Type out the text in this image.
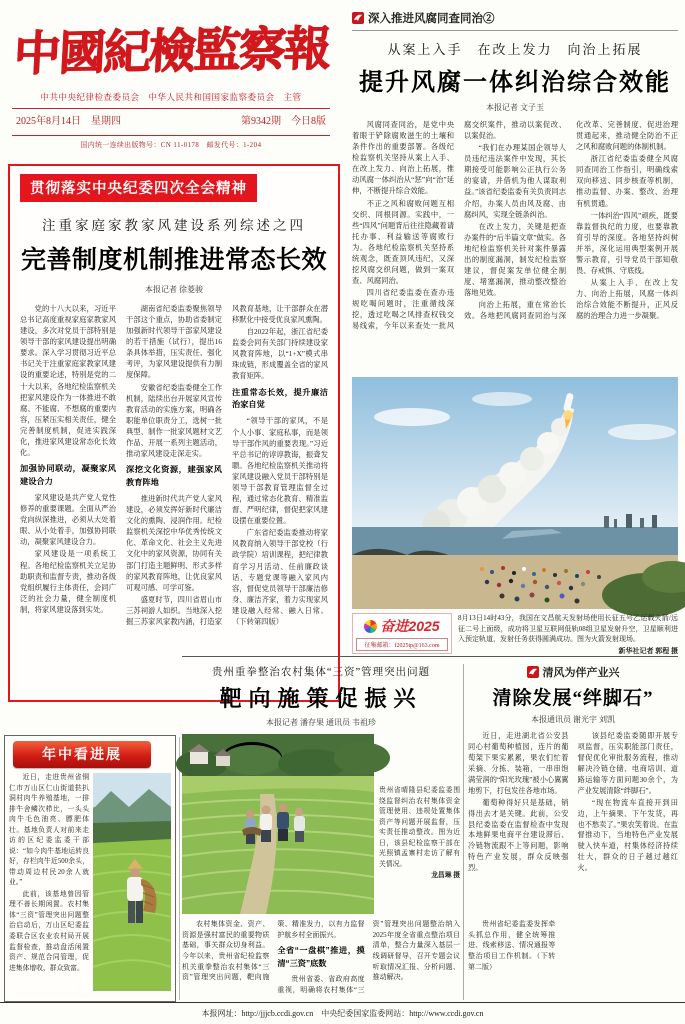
中國紀檢監察報
中共中央纪律检查委员会　中华人民共和国国家监察委员会　主管
2025年8月14日　星期四	第9342期　今日8版
国内统一连续出版物号：CN 11-0178　邮发代号：1-204
深入推进风腐同查同治②
从案上入手　在改上发力　向治上拓展
提升风腐一体纠治综合效能
本报记者 文子玉

风腐同查同治，是党中央着眼于铲除腐败滋生的土壤和条件作出的重要部署。各级纪检监察机关坚持从案上入手、在改上发力、向治上拓展，推动风腐一体纠治从“惩”向“治”延伸，不断提升综合效能。

不正之风和腐败问题互相交织、同根同源。实践中，一些“四风”问题背后往往隐藏着请托办事、利益输送等腐败行为。各地纪检监察机关坚持系统观念，既查顶风违纪，又深挖风腐交织问题，做到一案双查、风腐同治。

四川省纪委监委在查办违规吃喝问题时，注重循线深挖，透过吃喝之风排查权钱交易线索，今年以来查处一批风腐交织案件，推动以案促改、以案促治。

“我们在办理某国企领导人员违纪违法案件中发现，其长期接受可能影响公正执行公务的宴请，并借机为他人谋取利益。”该省纪委监委有关负责同志介绍，办案人员由风及腐、由腐纠风，实现全链条纠治。

在改上发力，关键是把查办案件的“后半篇文章”做实。各地纪检监察机关针对案件暴露出的制度漏洞，制发纪检监察建议，督促案发单位健全制度、堵塞漏洞，推动整改整治落地见效。

向治上拓展，重在常治长效。各地把风腐同查同治与深化改革、完善制度、促进治理贯通起来，推动健全防治不正之风和腐败问题的体制机制。

浙江省纪委监委健全风腐同查同治工作指引，明确线索双向移送、同步核查等机制，推动监督、办案、整改、治理有机贯通。

一体纠治“四风”顽疾，既要靠监督执纪的力度，也要靠教育引导的深度。各地坚持纠树并举，深化运用典型案例开展警示教育，引导党员干部知敬畏、存戒惧、守底线。

从案上入手、在改上发力、向治上拓展，风腐一体纠治综合效能不断提升，正风反腐的治理合力进一步凝聚。

奋进2025
征集邮箱：f2025tp@163.com
8月13日14时43分，我国在文昌航天发射场使用长征五号乙运载火箭/远征二号上面级，成功将卫星互联网低轨08组卫星发射升空，卫星顺利进入预定轨道，发射任务获得圆满成功。图为火箭发射现场。
新华社记者 郭程 摄
贯彻落实中央纪委四次全会精神
注重家庭家教家风建设系列综述之四
完善制度机制推进常态长效
本报记者 徐菱骏

党的十八大以来，习近平总书记高度重视家庭家教家风建设，多次对党员干部特别是领导干部的家风建设提出明确要求。深入学习贯彻习近平总书记关于注重家庭家教家风建设的重要论述，特别是党的二十大以来，各地纪检监察机关把家风建设作为一体推进不敢腐、不能腐、不想腐的重要内容，压紧压实相关责任，健全完善制度机制，促进实践深化，推进家风建设常态化长效化。

加强协同联动，凝聚家风建设合力

家风建设是共产党人党性修养的重要课题。全面从严治党向纵深推进，必须从大处着眼、从小处着手，加强协同联动，凝聚家风建设合力。

家风建设是一项系统工程。各地纪检监察机关立足协助职责和监督专责，推动各级党组织履行主体责任，会同广泛的社会力量，健全制度机制，将家风建设落到实处。

湖南省纪委监委聚焦领导干部这个重点，协助省委制定加强新时代领导干部家风建设的若干措施（试行），提出16条具体举措，压实责任、强化考评，为家风建设提供有力制度保障。

安徽省纪委监委健全工作机制，陆续出台开展家风宣传教育活动的实施方案，明确各职能单位职责分工，选树一批典型、制作一批家风题材文艺作品、开展一系列主题活动，推动家风建设走深走实。

深挖文化资源，建强家风教育阵地

推进新时代共产党人家风建设，必须发挥好新时代廉洁文化的熏陶、浸润作用。纪检监察机关深挖中华优秀传统文化、革命文化、社会主义先进文化中的家风资源，协同有关部门打造主题鲜明、形式多样的家风教育阵地，让优良家风可观可感、可学可鉴。

盛夏时节，四川省眉山市三苏祠游人如织。当地深入挖掘三苏家风家教内涵，打造家风教育基地，让干部群众在潜移默化中接受优良家风熏陶。

自2022年起，浙江省纪委监委会同有关部门持续建设家风教育阵地，以“1+X”模式串珠成链，形成覆盖全省的家风教育矩阵。

注重常态长效，提升廉洁治家自觉

“领导干部的家风，不是个人小事、家庭私事，而是领导干部作风的重要表现。”习近平总书记的谆谆教诲，振聋发聩。各地纪检监察机关推动将家风建设融入党员干部特别是领导干部教育管理监督全过程，通过常态化教育、精准监督、严明纪律，督促把家风建设摆在重要位置。

广东省纪委监委推动将家风教育纳入领导干部党校（行政学院）培训课程，把纪律教育学习月活动、任前廉政谈话、专题党课等融入家风内容，督促党员领导干部廉洁修身、廉洁齐家，着力实现家风建设融入经常、融入日常。（下转第四版）

贵州重拳整治农村集体“三资”管理突出问题
靶向施策促振兴
本报记者 潘存果 通讯员 韦祖珍
贵州省晴隆县纪委监委围绕监督纠治农村集体资金管理使用、违规处置集体资产等问题开展监督，压实责任推动整改。图为近日，该县纪检监察干部在光照镇孟寨村走访了解有关情况。
龙昌琳 摄

农村集体资金、资产、资源是强村富民的重要物质基础，事关群众切身利益。今年以来，贵州省纪检监察机关重拳整治农村集体“三资”管理突出问题，靶向施策、精准发力，以有力监督护航乡村全面振兴。

全省“一盘棋”推进，摸清“三资”底数

贵州省委、省政府高度重视，明确将农村集体“三资”管理突出问题整治纳入2025年度全省重点整治项目清单，整合力量深入基层一线调研督导，召开专题会议听取情况汇报、分析问题、推动解决。

贵州省纪委监委发挥牵头抓总作用，健全统筹推进、线索移送、情况通报等整治项目工作机制。（下转第二版）

清风为伴产业兴
清除发展“绊脚石”
本报通讯员 谢光宇 刘凯

近日，走进湖北省公安县同心村葡萄种植园，连片的葡萄架下果实累累，果农们忙着采摘、分拣、装箱，一串串饱满莹润的“阳光玫瑰”被小心翼翼地剪下，打包发往各地市场。

葡萄种得好只是基础，销得出去才是关键。此前，公安县纪委监委在监督检查中发现本地鲜果电商平台建设滞后、冷链物流跟不上等问题，影响特色产业发展，群众反映强烈。

该县纪委监委随即开展专项监督，压实职能部门责任，督促优化审批服务流程，推动解决冷链仓储、电商培训、道路运输等方面问题30余个，为产业发展清除“绊脚石”。

“现在物流车直接开到田边，上午摘果、下午发货，再也不愁卖了。”果农笑着说。在监督推动下，当地特色产业发展驶入快车道，村集体经济持续壮大，群众的日子越过越红火。

年中看进展

近日，走进贵州省铜仁市万山区仁山街道挞扒洞村肉牛养殖基地，一排排牛舍鳞次栉比，一头头肉牛毛色油亮、膘肥体壮。基地负责人对前来走访的区纪委监委干部说：“如今肉牛基地运转良好，存栏肉牛近500余头，带动周边村民20余人就业。”

此前，该基地曾因管理不善长期闲置。农村集体“三资”管理突出问题整治启动后，万山区纪委监委联合区农业农村局开展监督检查，推动盘活闲置资产、规范合同管理，促进集体增收、群众致富。

本报网址：http://jjjcb.ccdi.gov.cn　中央纪委国家监委网站：http://www.ccdi.gov.cn
